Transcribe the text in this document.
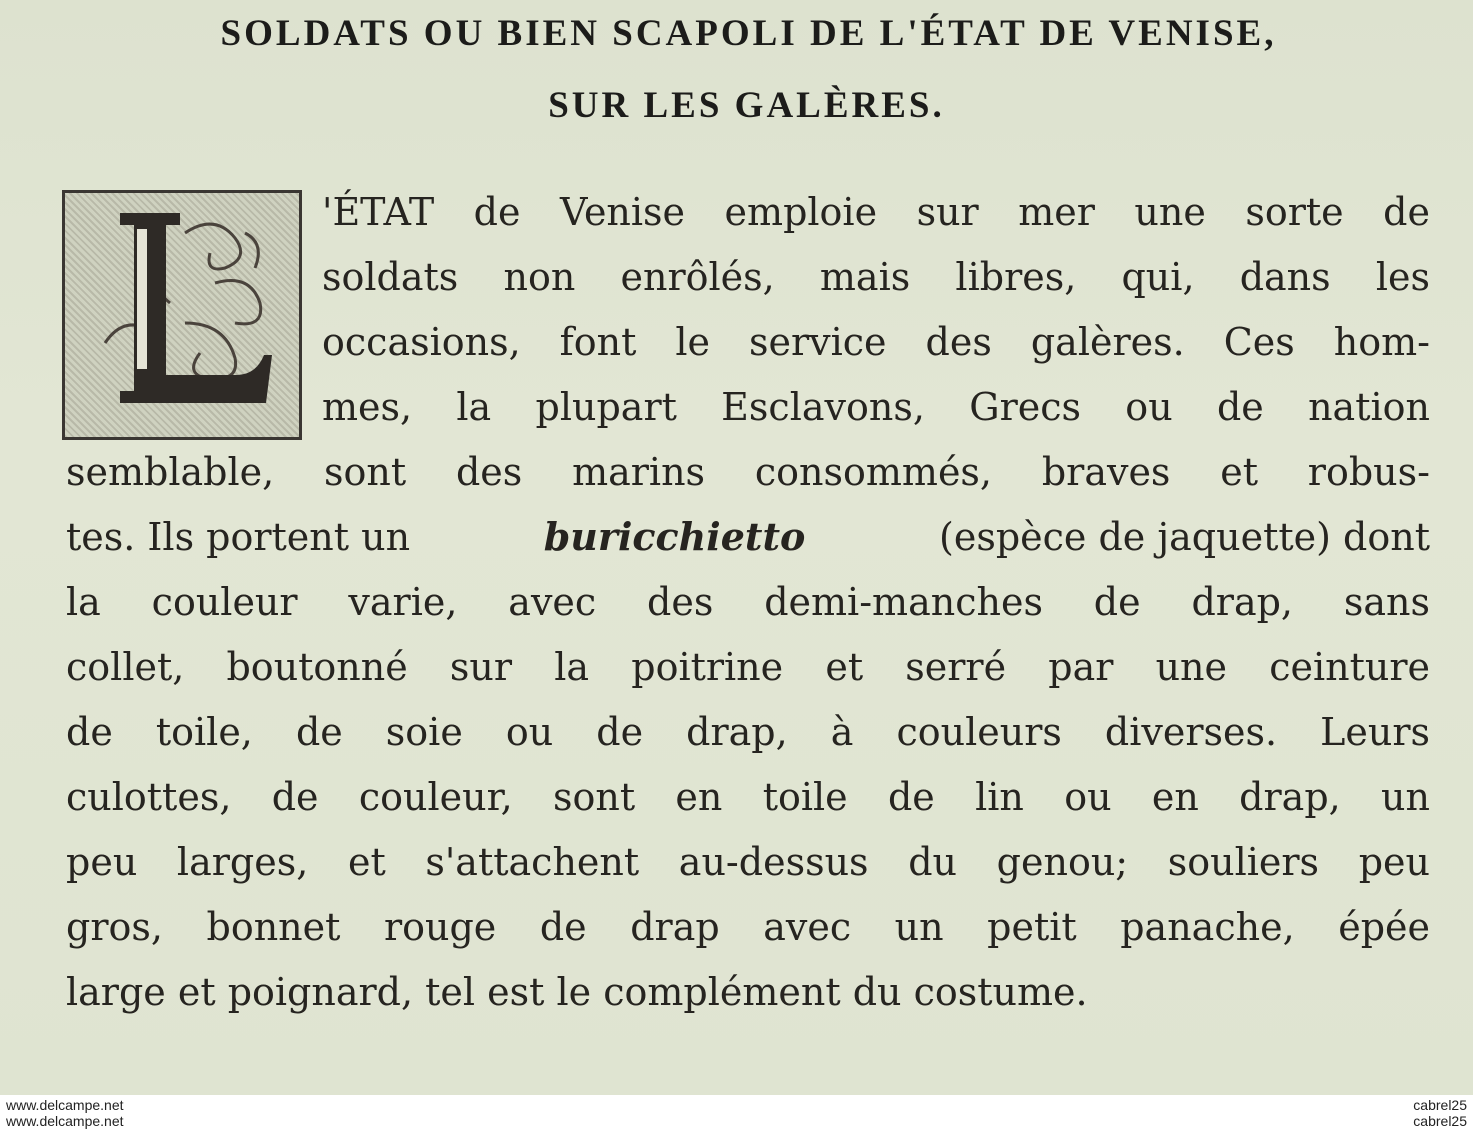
SOLDATS OU BIEN SCAPOLI DE L'ÉTAT DE VENISE,
SUR LES GALÈRES.
L	'ÉTAT de Venise emploie sur mer une sorte de
soldats non enrôlés, mais libres, qui, dans les
occasions, font le service des galères. Ces hom-
mes, la plupart Esclavons, Grecs ou de nation
semblable, sont des marins consommés, braves et robus-
tes. Ils portent un	buricchietto	(espèce de jaquette) dont
la couleur varie, avec des demi-manches de drap, sans
collet, boutonné sur la poitrine et serré par une ceinture
de toile, de soie ou de drap, à couleurs diverses. Leurs
culottes, de couleur, sont en toile de lin ou en drap, un
peu larges, et s'attachent au-dessus du genou; souliers peu
gros, bonnet rouge de drap avec un petit panache, épée
large et poignard, tel est le complément du costume.
www.delcampe.net
www.delcampe.net
cabrel25
cabrel25
